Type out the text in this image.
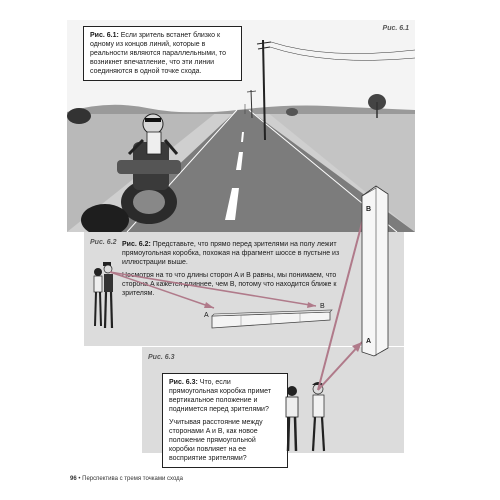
Рис. 6.1: Если зритель встанет близко к одному из концов линий, которые в реальности являются параллельными, то возникнет впечатление, что эти линии соединяются в одной точке схода.
Рис. 6.1
Рис. 6.2 Рис. 6.2: Представьте, что прямо перед зрителями на полу лежит прямоугольная коробка, похожая на фрагмент шоссе в пустыне из иллюстрации выше.
Несмотря на то что длины сторон A и B равны, мы понимаем, что сторона A кажется длиннее, чем B, потому что находится ближе к зрителям.
A
B
Рис. 6.3
Рис. 6.3: Что, если прямоугольная коробка примет вертикальное положение и поднимется перед зрителями?
Учитывая расстояние между сторонами A и B, как новое положение прямоугольной коробки повлияет на ее восприятие зрителями?
B
A
96 • Перспектива с тремя точками схода
